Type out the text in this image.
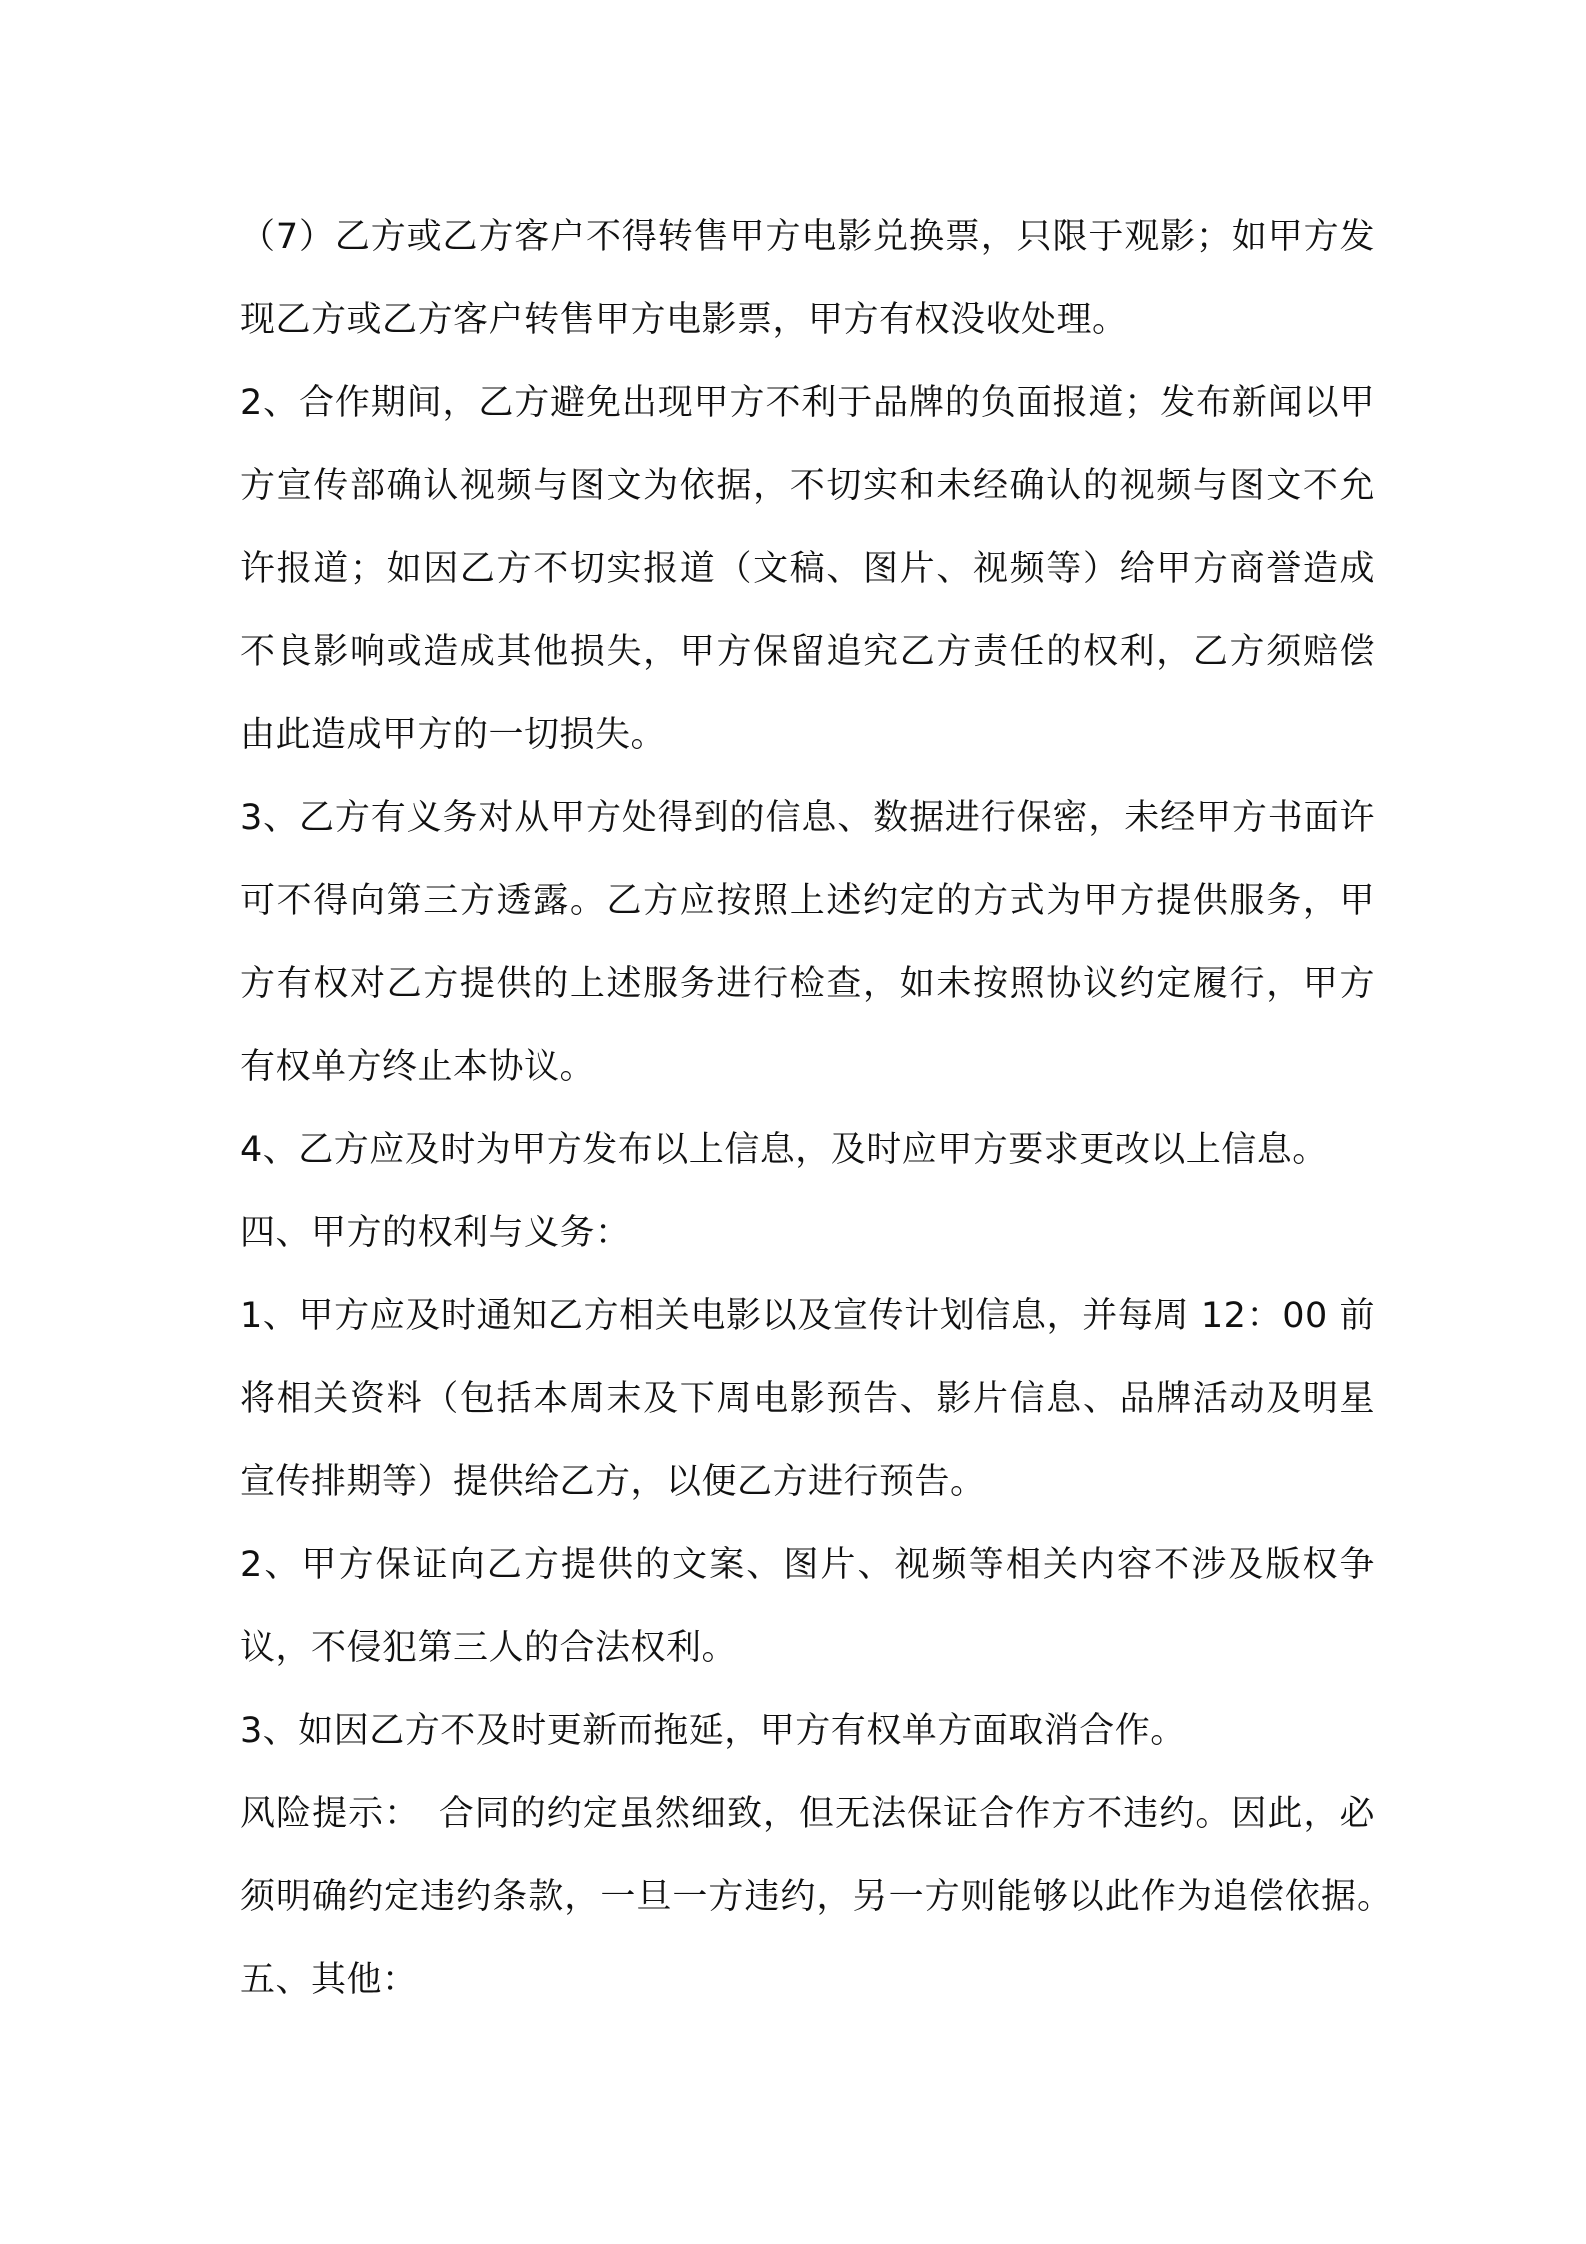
（7）乙方或乙方客户不得转售甲方电影兑换票，只限于观影；如甲方发现乙方或乙方客户转售甲方电影票，甲方有权没收处理。

2、合作期间，乙方避免出现甲方不利于品牌的负面报道；发布新闻以甲方宣传部确认视频与图文为依据，不切实和未经确认的视频与图文不允许报道；如因乙方不切实报道（文稿、图片、视频等）给甲方商誉造成不良影响或造成其他损失，甲方保留追究乙方责任的权利，乙方须赔偿由此造成甲方的一切损失。

3、乙方有义务对从甲方处得到的信息、数据进行保密，未经甲方书面许可不得向第三方透露。乙方应按照上述约定的方式为甲方提供服务，甲方有权对乙方提供的上述服务进行检查，如未按照协议约定履行，甲方有权单方终止本协议。

4、乙方应及时为甲方发布以上信息，及时应甲方要求更改以上信息。

四、甲方的权利与义务：

1、甲方应及时通知乙方相关电影以及宣传计划信息，并每周 12：00 前将相关资料（包括本周末及下周电影预告、影片信息、品牌活动及明星宣传排期等）提供给乙方，以便乙方进行预告。

2、甲方保证向乙方提供的文案、图片、视频等相关内容不涉及版权争议，不侵犯第三人的合法权利。

3、如因乙方不及时更新而拖延，甲方有权单方面取消合作。

风险提示：　合同的约定虽然细致，但无法保证合作方不违约。因此，必须明确约定违约条款，一旦一方违约，另一方则能够以此作为追偿依据。　五、其他：
